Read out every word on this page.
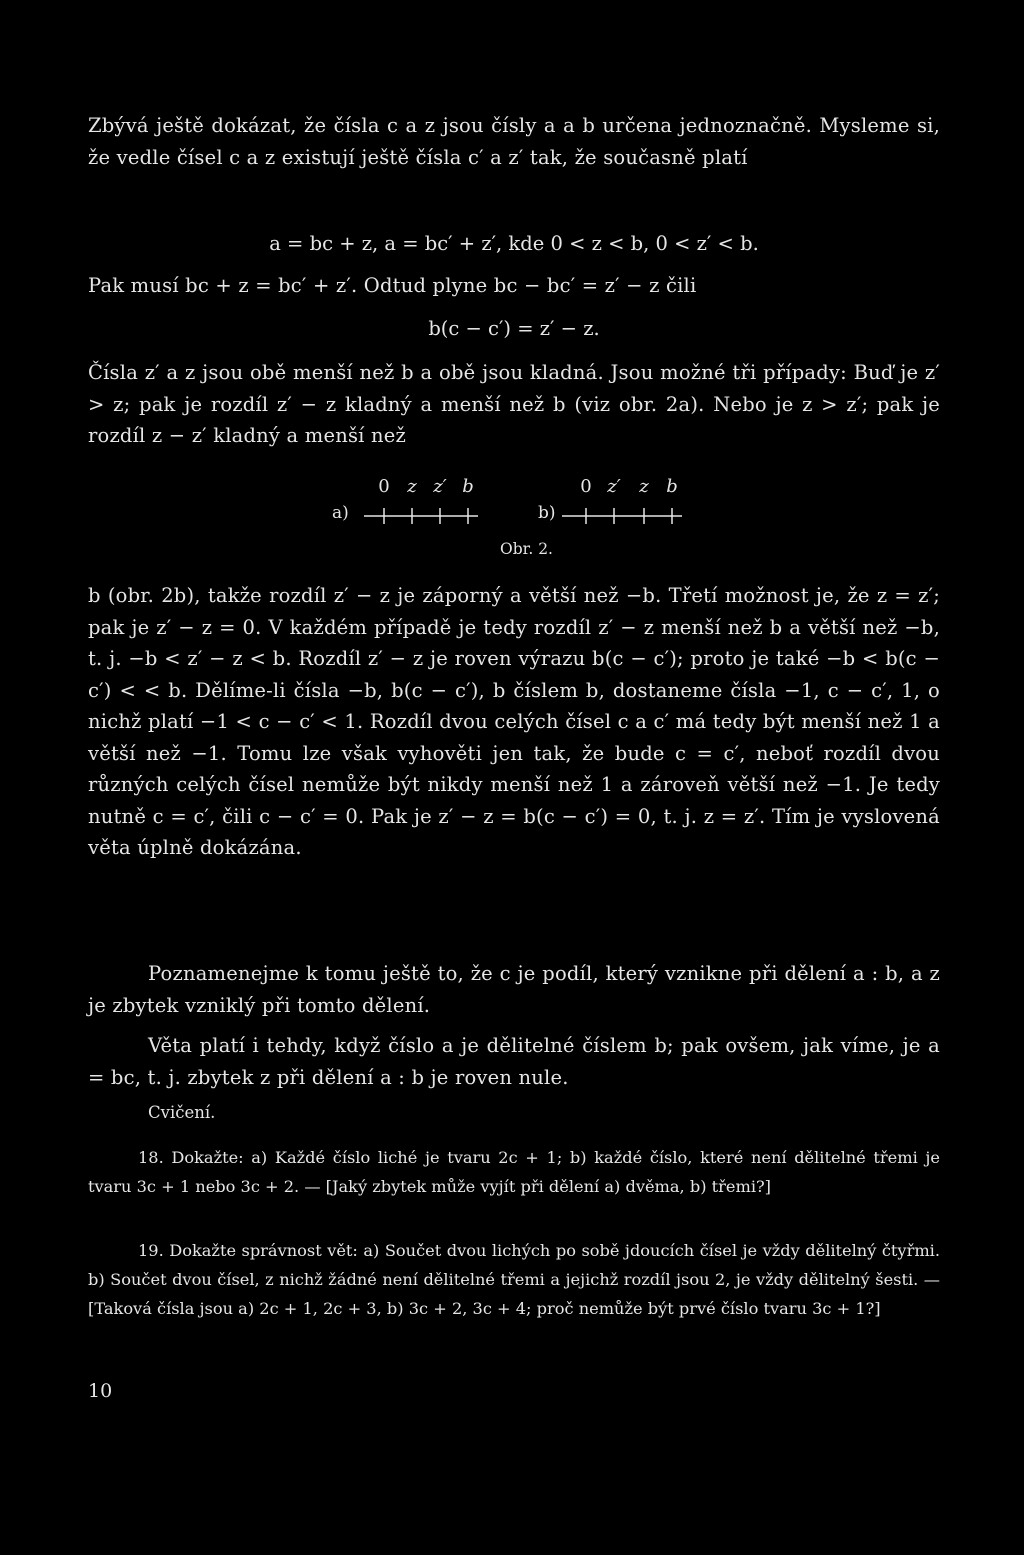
Zbývá ještě dokázat, že čísla c a z jsou čísly a a b určena jednoznačně. Mysleme si, že vedle čísel c a z existují ještě čísla c′ a z′ tak, že současně platí

a = bc + z, a = bc′ + z′, kde 0 < z < b, 0 < z′ < b.

Pak musí bc + z = bc′ + z′. Odtud plyne bc − bc′ = z′ − z čili

b(c − c′) = z′ − z.

Čísla z′ a z jsou obě menší než b a obě jsou kladná. Jsou možné tři případy: Buď je z′ > z; pak je rozdíl z′ − z kladný a menší než b (viz obr. 2a). Nebo je z > z′; pak je rozdíl z − z′ kladný a menší než

a)
0 z z′ b
b)
0 z′ z b
Obr. 2.

b (obr. 2b), takže rozdíl z′ − z je záporný a větší než −b. Třetí možnost je, že z = z′; pak je z′ − z = 0. V každém případě je tedy rozdíl z′ − z menší než b a větší než −b, t. j. −b < z′ − z < b. Rozdíl z′ − z je roven výrazu b(c − c′); proto je také −b < b(c − c′) < < b. Dělíme-li čísla −b, b(c − c′), b číslem b, dostaneme čísla −1, c − c′, 1, o nichž platí −1 < c − c′ < 1. Rozdíl dvou celých čísel c a c′ má tedy být menší než 1 a větší než −1. Tomu lze však vyhověti jen tak, že bude c = c′, neboť rozdíl dvou různých celých čísel nemůže být nikdy menší než 1 a zároveň větší než −1. Je tedy nutně c = c′, čili c − c′ = 0. Pak je z′ − z = b(c − c′) = 0, t. j. z = z′. Tím je vyslovená věta úplně dokázána.

Poznamenejme k tomu ještě to, že c je podíl, který vznikne při dělení a : b, a z je zbytek vzniklý při tomto dělení.

Věta platí i tehdy, když číslo a je dělitelné číslem b; pak ovšem, jak víme, je a = bc, t. j. zbytek z při dělení a : b je roven nule.

Cvičení.

18. Dokažte: a) Každé číslo liché je tvaru 2c + 1; b) každé číslo, které není dělitelné třemi je tvaru 3c + 1 nebo 3c + 2. — [Jaký zbytek může vyjít při dělení a) dvěma, b) třemi?]

19. Dokažte správnost vět: a) Součet dvou lichých po sobě jdoucích čísel je vždy dělitelný čtyřmi. b) Součet dvou čísel, z nichž žádné není dělitelné třemi a jejichž rozdíl jsou 2, je vždy dělitelný šesti. — [Taková čísla jsou a) 2c + 1, 2c + 3, b) 3c + 2, 3c + 4; proč nemůže být prvé číslo tvaru 3c + 1?]

10
